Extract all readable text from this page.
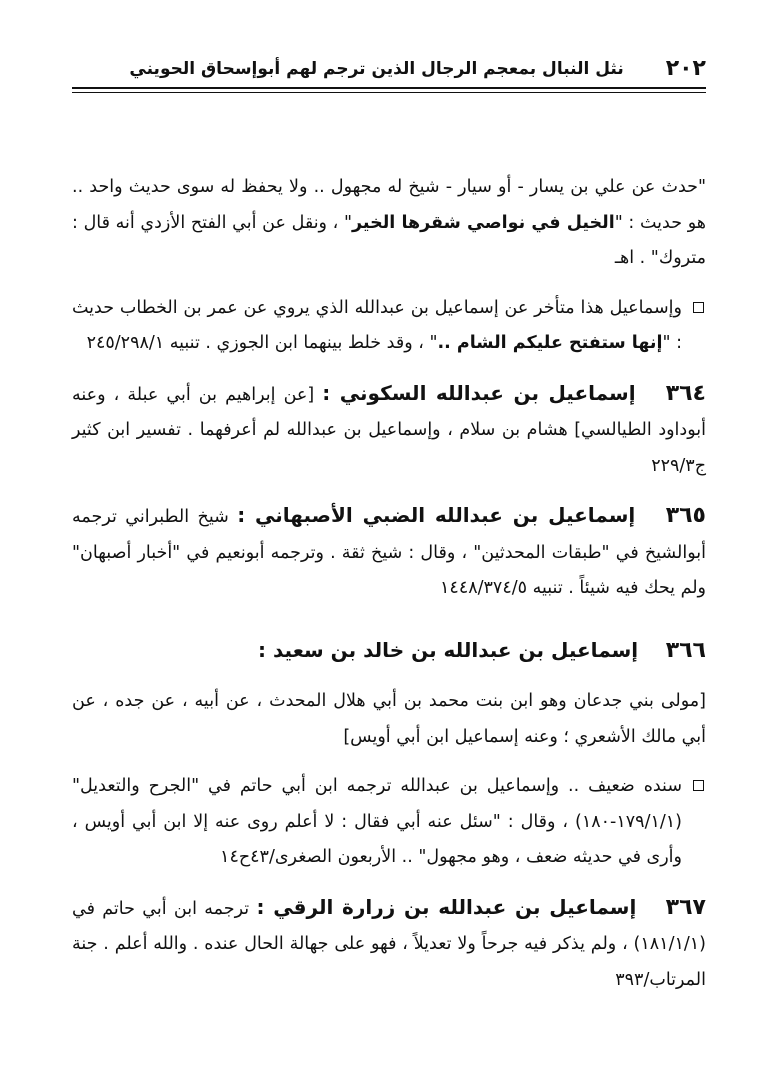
٢٠٢
نثل النبال بمعجم الرجال الذين ترجم لهم أبوإسحاق الحويني

"حدث عن علي بن يسار - أو سيار - شيخ له مجهول .. ولا يحفظ له سوى حديث واحد .. هو حديث : "الخيل في نواصي شقرها الخير" ، ونقل عن أبي الفتح الأزدي أنه قال : متروك" . اهـ

وإسماعيل هذا متأخر عن إسماعيل بن عبدالله الذي يروي عن عمر بن الخطاب حديث : "إنها ستفتح عليكم الشام .." ، وقد خلط بينهما ابن الجوزي . تنبيه ٢٤٥/٢٩٨/١

٣٦٤ إسماعيل بن عبدالله السكوني : [عن إبراهيم بن أبي عبلة ، وعنه أبوداود الطيالسي] هشام بن سلام ، وإسماعيل بن عبدالله لم أعرفهما . تفسير ابن كثير ج٢٢٩/٣

٣٦٥ إسماعيل بن عبدالله الضبي الأصبهاني : شيخ الطبراني ترجمه أبوالشيخ في "طبقات المحدثين" ، وقال : شيخ ثقة . وترجمه أبونعيم في "أخبار أصبهان" ولم يحك فيه شيئاً . تنبيه ١٤٤٨/٣٧٤/٥

٣٦٦ إسماعيل بن عبدالله بن خالد بن سعيد :

[مولى بني جدعان وهو ابن بنت محمد بن أبي هلال المحدث ، عن أبيه ، عن جده ، عن أبي مالك الأشعري ؛ وعنه إسماعيل ابن أبي أويس]

سنده ضعيف .. وإسماعيل بن عبدالله ترجمه ابن أبي حاتم في "الجرح والتعديل" (١٧٩/١/١-١٨٠) ، وقال : "سئل عنه أبي فقال : لا أعلم روى عنه إلا ابن أبي أويس ، وأرى في حديثه ضعف ، وهو مجهول" .. الأربعون الصغرى/٤٣ح١٤

٣٦٧ إسماعيل بن عبدالله بن زرارة الرقي : ترجمه ابن أبي حاتم في (١٨١/١/١) ، ولم يذكر فيه جرحاً ولا تعديلاً ، فهو على جهالة الحال عنده . والله أعلم . جنة المرتاب/٣٩٣
